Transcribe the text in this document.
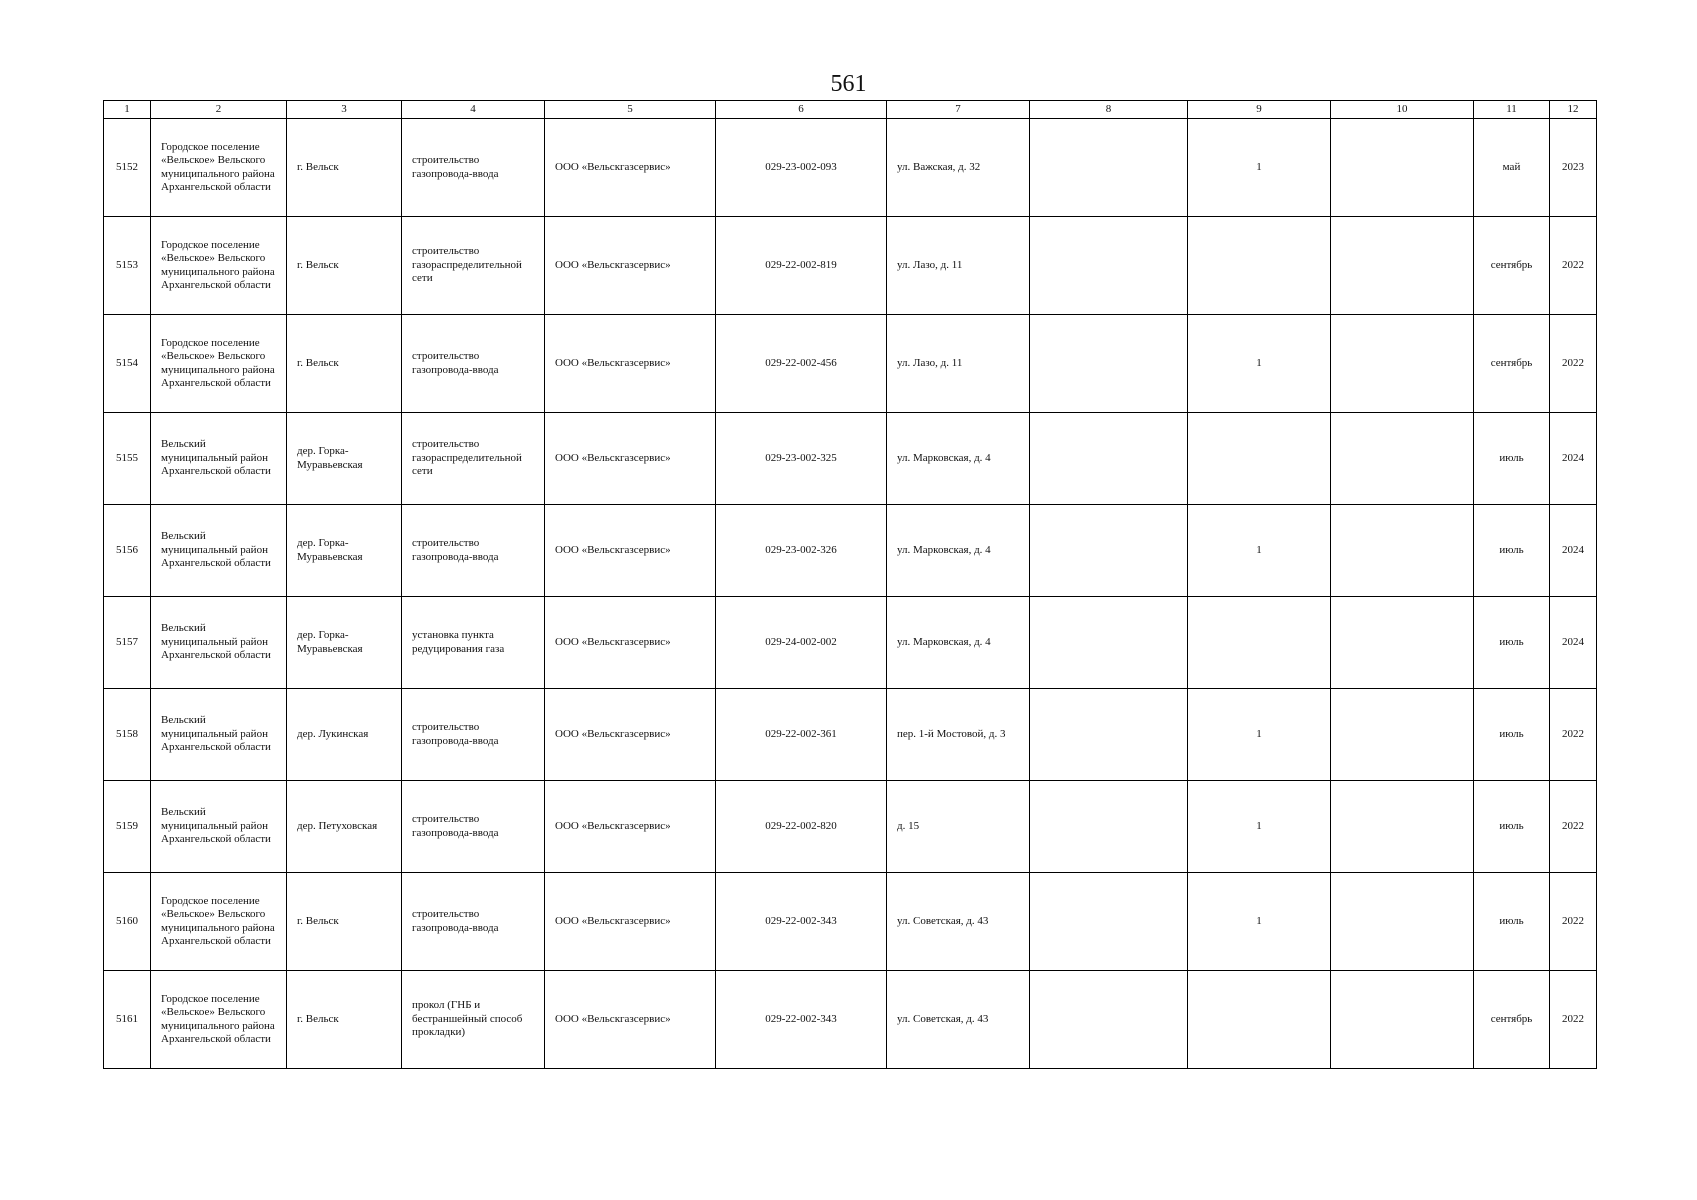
561
1	2	3	4	5	6	7	8	9	10	11	12
5152	Городское поселение «Вельское» Вельского муниципального района Архангельской области	г. Вельск	строительство газопровода-ввода	ООО «Вельскгазсервис»	029-23-002-093	ул. Важская, д. 32		1		май	2023
5153	Городское поселение «Вельское» Вельского муниципального района Архангельской области	г. Вельск	строительство газораспределительной сети	ООО «Вельскгазсервис»	029-22-002-819	ул. Лазо, д. 11				сентябрь	2022
5154	Городское поселение «Вельское» Вельского муниципального района Архангельской области	г. Вельск	строительство газопровода-ввода	ООО «Вельскгазсервис»	029-22-002-456	ул. Лазо, д. 11		1		сентябрь	2022
5155	Вельский муниципальный район Архангельской области	дер. Горка-Муравьевская	строительство газораспределительной сети	ООО «Вельскгазсервис»	029-23-002-325	ул. Марковская, д. 4				июль	2024
5156	Вельский муниципальный район Архангельской области	дер. Горка-Муравьевская	строительство газопровода-ввода	ООО «Вельскгазсервис»	029-23-002-326	ул. Марковская, д. 4		1		июль	2024
5157	Вельский муниципальный район Архангельской области	дер. Горка-Муравьевская	установка пункта редуцирования газа	ООО «Вельскгазсервис»	029-24-002-002	ул. Марковская, д. 4				июль	2024
5158	Вельский муниципальный район Архангельской области	дер. Лукинская	строительство газопровода-ввода	ООО «Вельскгазсервис»	029-22-002-361	пер. 1-й Мостовой, д. 3		1		июль	2022
5159	Вельский муниципальный район Архангельской области	дер. Петуховская	строительство газопровода-ввода	ООО «Вельскгазсервис»	029-22-002-820	д. 15		1		июль	2022
5160	Городское поселение «Вельское» Вельского муниципального района Архангельской области	г. Вельск	строительство газопровода-ввода	ООО «Вельскгазсервис»	029-22-002-343	ул. Советская, д. 43		1		июль	2022
5161	Городское поселение «Вельское» Вельского муниципального района Архангельской области	г. Вельск	прокол (ГНБ и бестраншейный способ прокладки)	ООО «Вельскгазсервис»	029-22-002-343	ул. Советская, д. 43				сентябрь	2022
